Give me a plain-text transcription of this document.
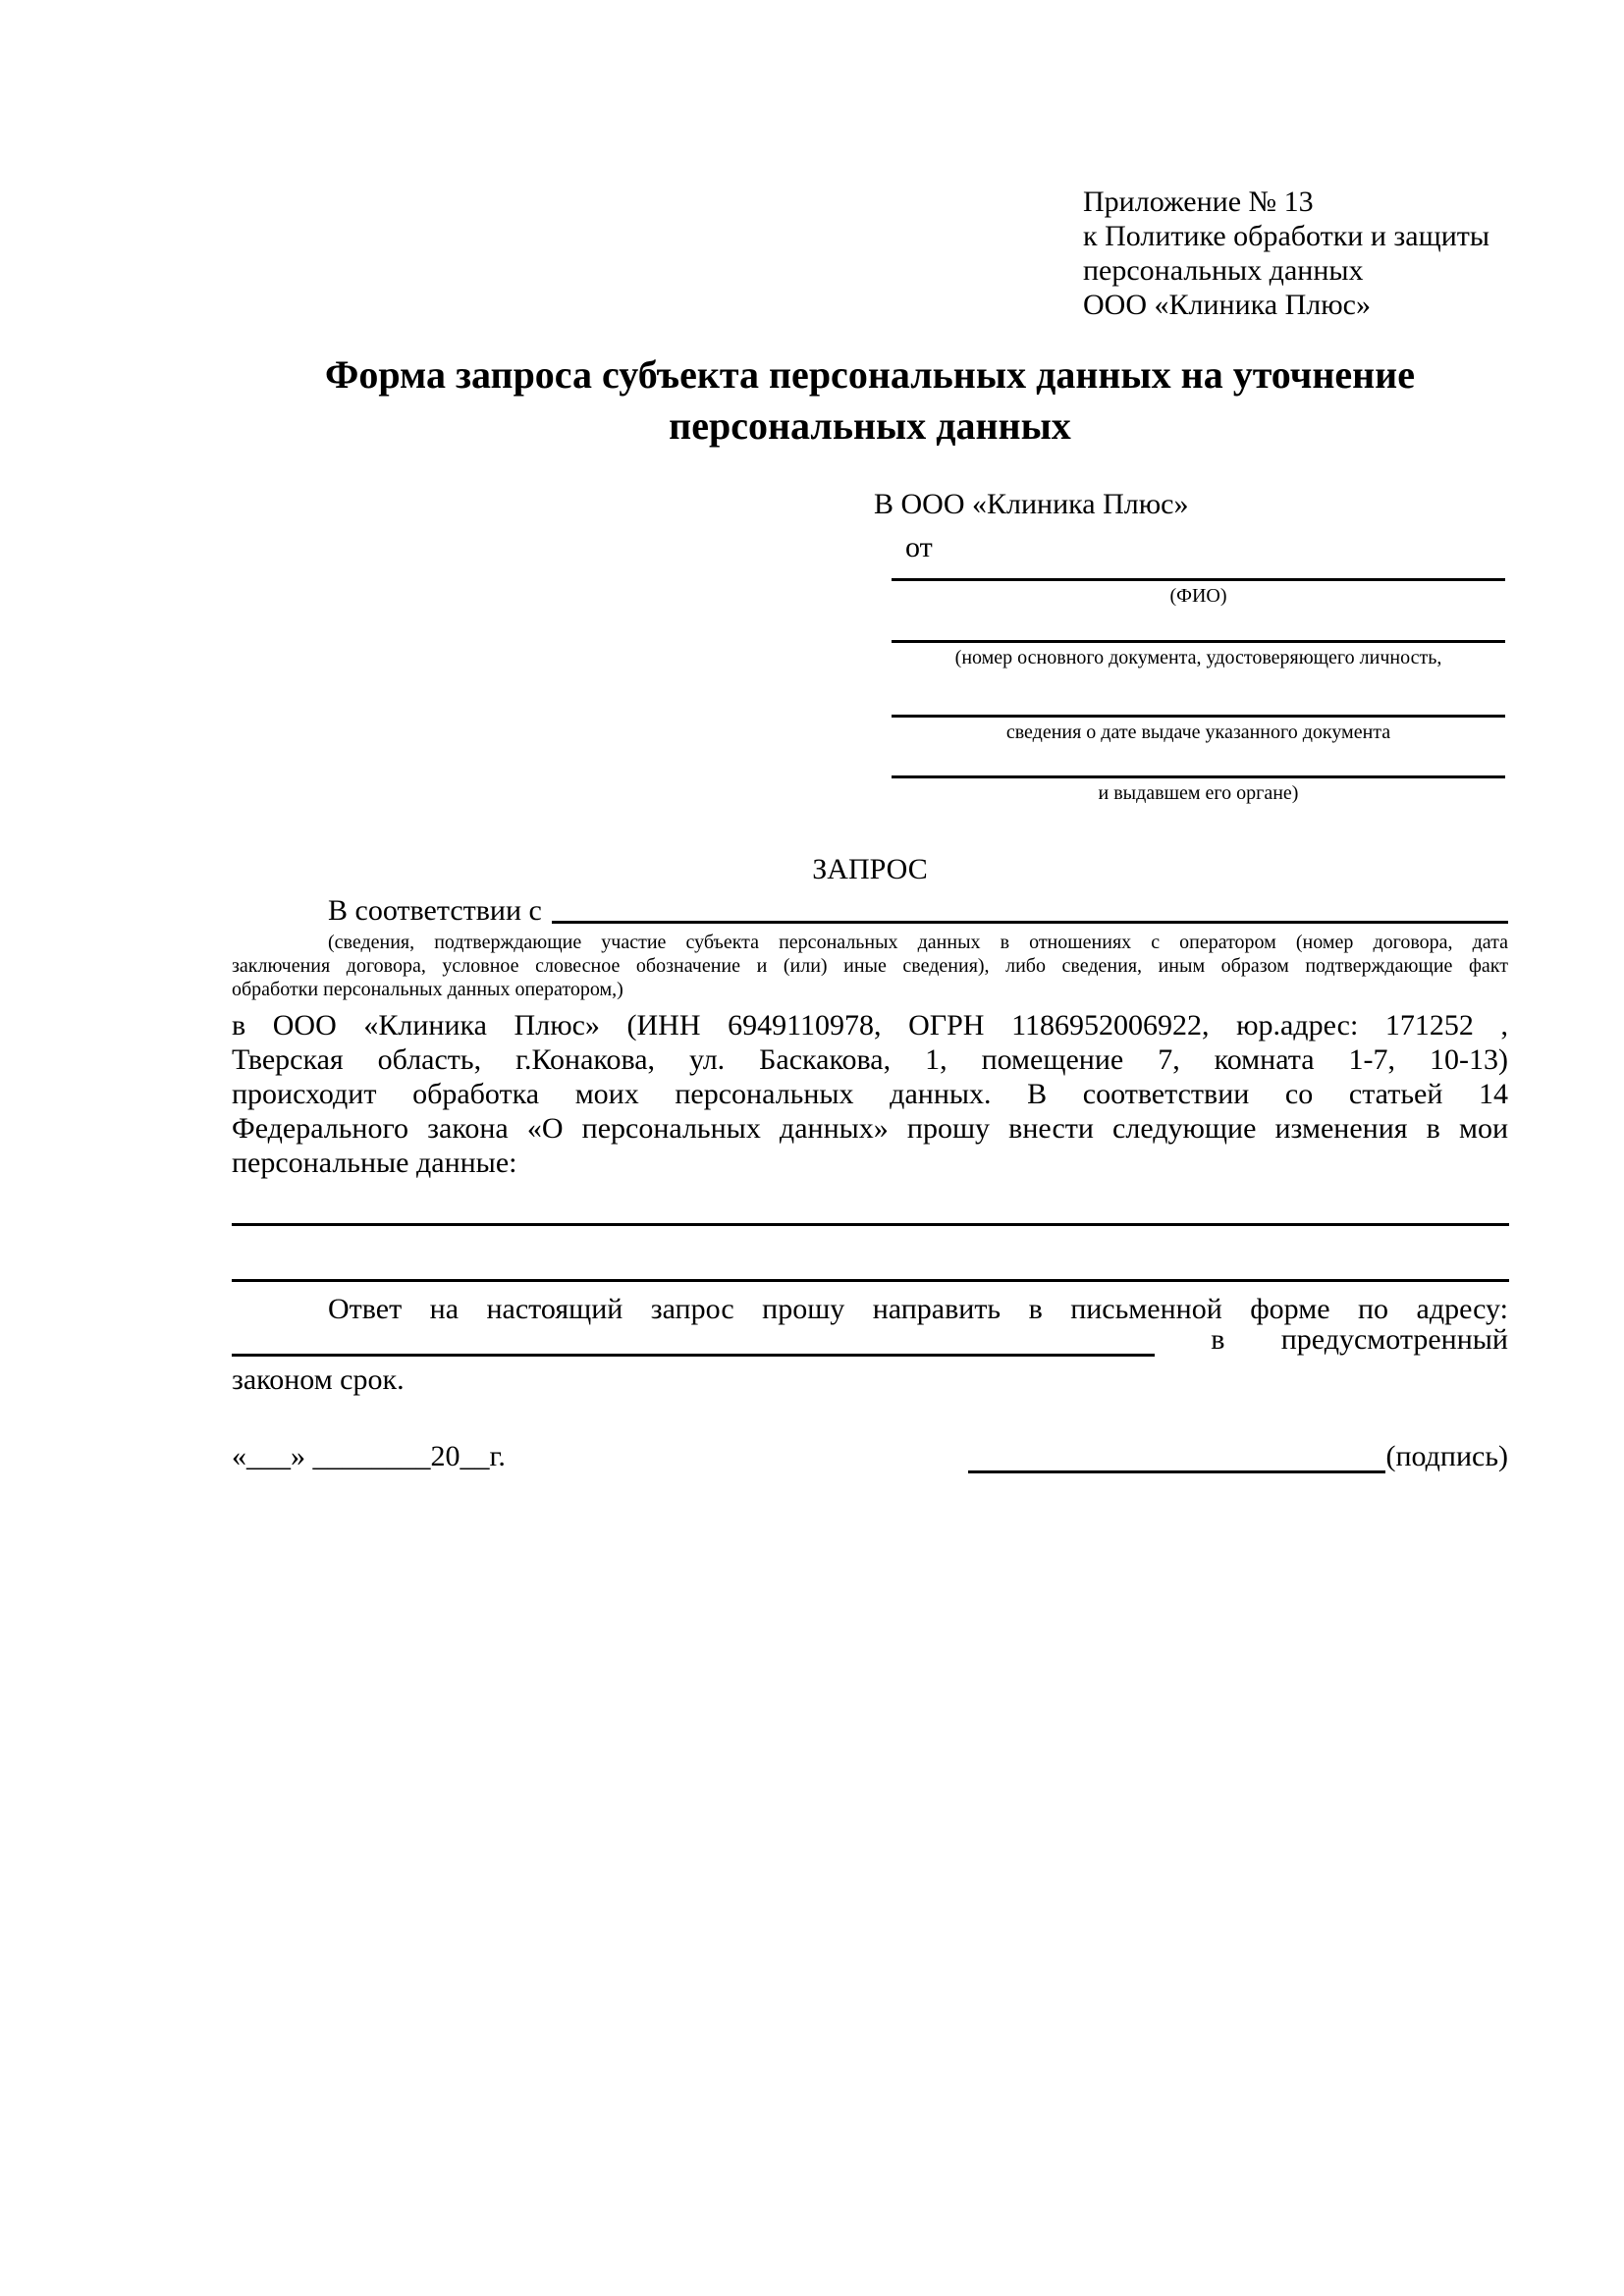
Приложение № 13
к Политике обработки и защиты
персональных данных
ООО «Клиника Плюс»
Форма запроса субъекта персональных данных на уточнение персональных данных
В ООО «Клиника Плюс»
от
(ФИО)
(номер основного документа, удостоверяющего личность,
сведения о дате выдаче указанного документа
и выдавшем его органе)
ЗАПРОС
В соответствии с
(сведения, подтверждающие участие субъекта персональных данных в отношениях с оператором (номер договора, дата
заключения договора, условное словесное обозначение и (или) иные сведения), либо сведения, иным образом подтверждающие факт
обработки персональных данных оператором,)
в ООО «Клиника Плюс» (ИНН 6949110978, ОГРН 1186952006922, юр.адрес: 171252 ,
Тверская область, г.Конакова, ул. Баскакова, 1, помещение 7, комната 1-7, 10-13)
происходит обработка моих персональных данных. В соответствии со статьей 14
Федерального закона «О персональных данных» прошу внести следующие изменения в мои
персональные данные:
Ответ на настоящий запрос прошу направить в письменной форме по адресу:
в предусмотренный
законом срок.
«___» ________20__г.	(подпись)
